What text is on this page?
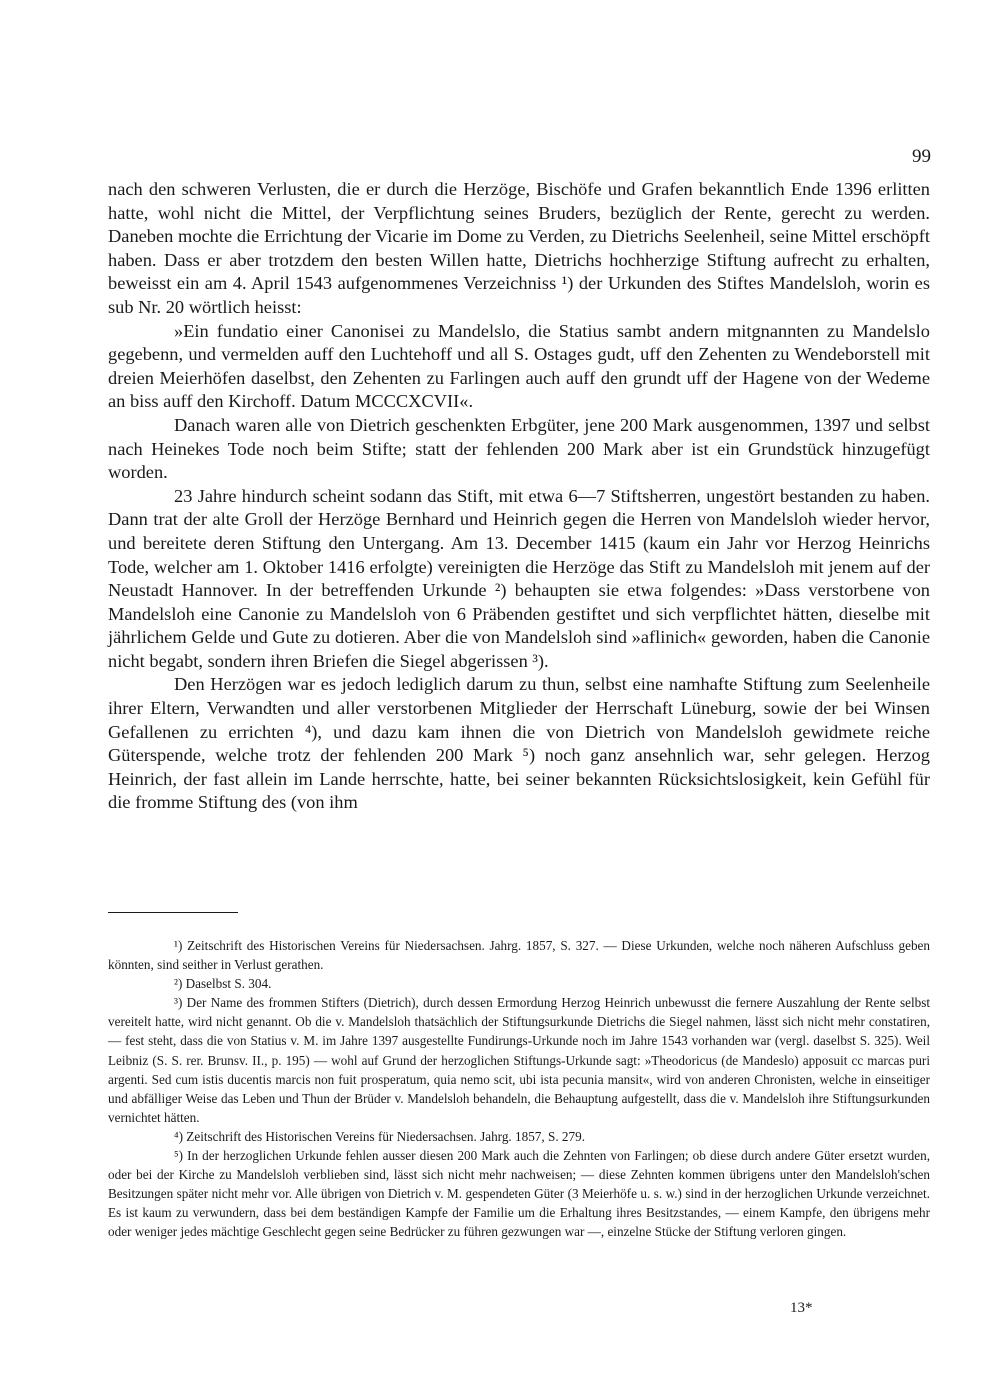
99

nach den schweren Verlusten, die er durch die Herzöge, Bischöfe und Grafen bekanntlich Ende 1396 erlitten hatte, wohl nicht die Mittel, der Verpflichtung seines Bruders, bezüglich der Rente, gerecht zu werden. Daneben mochte die Errichtung der Vicarie im Dome zu Verden, zu Dietrichs Seelenheil, seine Mittel erschöpft haben. Dass er aber trotzdem den besten Willen hatte, Dietrichs hochherzige Stiftung aufrecht zu erhalten, beweisst ein am 4. April 1543 aufgenommenes Verzeichniss ¹) der Urkunden des Stiftes Mandelsloh, worin es sub Nr. 20 wörtlich heisst:

»Ein fundatio einer Canonisei zu Mandelslo, die Statius sambt andern mitgnannten zu Mandelslo gegebenn, und vermelden auff den Luchtehoff und all S. Ostages gudt, uff den Zehenten zu Wendeborstell mit dreien Meierhöfen daselbst, den Zehenten zu Farlingen auch auff den grundt uff der Hagene von der Wedeme an biss auff den Kirchoff. Datum MCCCXCVII«.

Danach waren alle von Dietrich geschenkten Erbgüter, jene 200 Mark ausgenommen, 1397 und selbst nach Heinekes Tode noch beim Stifte; statt der fehlenden 200 Mark aber ist ein Grundstück hinzugefügt worden.

23 Jahre hindurch scheint sodann das Stift, mit etwa 6—7 Stiftsherren, ungestört bestanden zu haben. Dann trat der alte Groll der Herzöge Bernhard und Heinrich gegen die Herren von Mandelsloh wieder hervor, und bereitete deren Stiftung den Untergang. Am 13. December 1415 (kaum ein Jahr vor Herzog Heinrichs Tode, welcher am 1. Oktober 1416 erfolgte) vereinigten die Herzöge das Stift zu Mandelsloh mit jenem auf der Neustadt Hannover. In der betreffenden Urkunde ²) behaupten sie etwa folgendes: »Dass verstorbene von Mandelsloh eine Canonie zu Mandelsloh von 6 Präbenden gestiftet und sich verpflichtet hätten, dieselbe mit jährlichem Gelde und Gute zu dotieren. Aber die von Mandelsloh sind »aflinich« geworden, haben die Canonie nicht begabt, sondern ihren Briefen die Siegel abgerissen ³).

Den Herzögen war es jedoch lediglich darum zu thun, selbst eine namhafte Stiftung zum Seelenheile ihrer Eltern, Verwandten und aller verstorbenen Mitglieder der Herrschaft Lüneburg, sowie der bei Winsen Gefallenen zu errichten ⁴), und dazu kam ihnen die von Dietrich von Mandelsloh gewidmete reiche Güterspende, welche trotz der fehlenden 200 Mark ⁵) noch ganz ansehnlich war, sehr gelegen. Herzog Heinrich, der fast allein im Lande herrschte, hatte, bei seiner bekannten Rücksichtslosigkeit, kein Gefühl für die fromme Stiftung des (von ihm

¹) Zeitschrift des Historischen Vereins für Niedersachsen. Jahrg. 1857, S. 327. — Diese Urkunden, welche noch näheren Aufschluss geben könnten, sind seither in Verlust gerathen.

²) Daselbst S. 304.

³) Der Name des frommen Stifters (Dietrich), durch dessen Ermordung Herzog Heinrich unbewusst die fernere Auszahlung der Rente selbst vereitelt hatte, wird nicht genannt. Ob die v. Mandelsloh thatsächlich der Stiftungsurkunde Dietrichs die Siegel nahmen, lässt sich nicht mehr constatiren, — fest steht, dass die von Statius v. M. im Jahre 1397 ausgestellte Fundirungs-Urkunde noch im Jahre 1543 vorhanden war (vergl. daselbst S. 325). Weil Leibniz (S. S. rer. Brunsv. II., p. 195) — wohl auf Grund der herzoglichen Stiftungs-Urkunde sagt: »Theodoricus (de Mandeslo) apposuit cc marcas puri argenti. Sed cum istis ducentis marcis non fuit prosperatum, quia nemo scit, ubi ista pecunia mansit«, wird von anderen Chronisten, welche in einseitiger und abfälliger Weise das Leben und Thun der Brüder v. Mandelsloh behandeln, die Behauptung aufgestellt, dass die v. Mandelsloh ihre Stiftungsurkunden vernichtet hätten.

⁴) Zeitschrift des Historischen Vereins für Niedersachsen. Jahrg. 1857, S. 279.

⁵) In der herzoglichen Urkunde fehlen ausser diesen 200 Mark auch die Zehnten von Farlingen; ob diese durch andere Güter ersetzt wurden, oder bei der Kirche zu Mandelsloh verblieben sind, lässt sich nicht mehr nachweisen; — diese Zehnten kommen übrigens unter den Mandelsloh'schen Besitzungen später nicht mehr vor. Alle übrigen von Dietrich v. M. gespendeten Güter (3 Meierhöfe u. s. w.) sind in der herzoglichen Urkunde verzeichnet. Es ist kaum zu verwundern, dass bei dem beständigen Kampfe der Familie um die Erhaltung ihres Besitzstandes, — einem Kampfe, den übrigens mehr oder weniger jedes mächtige Geschlecht gegen seine Bedrücker zu führen gezwungen war —, einzelne Stücke der Stiftung verloren gingen.

13*
